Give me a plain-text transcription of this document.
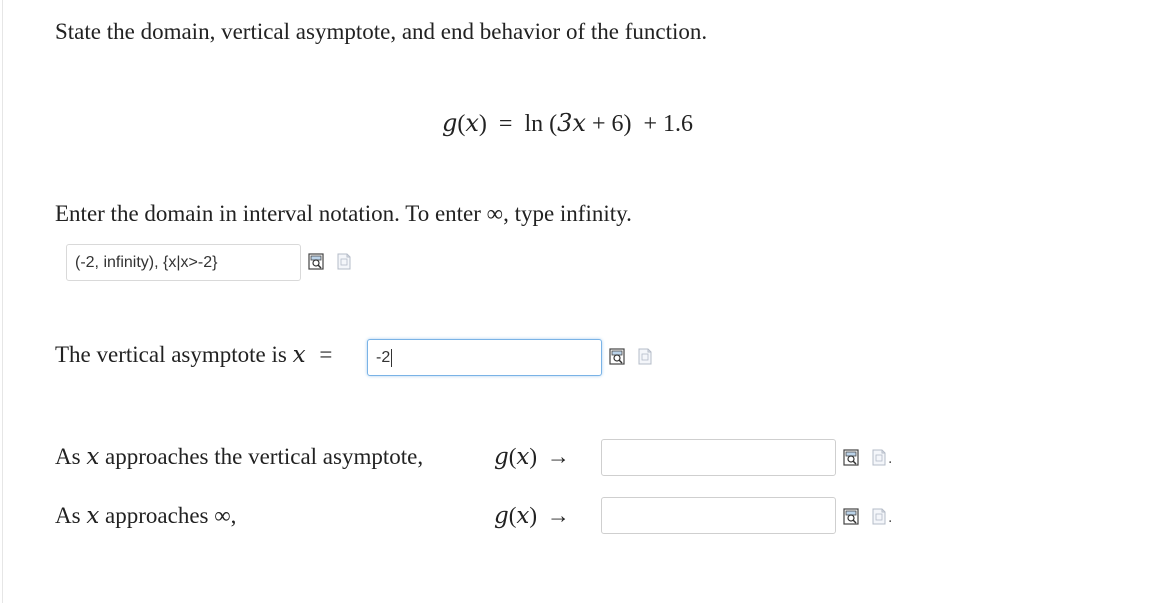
State the domain, vertical asymptote, and end behavior of the function.
g(x) = ln (3x + 6) + 1.6
Enter the domain in interval notation. To enter ∞, type infinity.
(-2, infinity), {x|x>-2}
The vertical asymptote is x =	-2
As x approaches the vertical asymptote,	g(x) →	.
As x approaches ∞,	g(x) →	.
